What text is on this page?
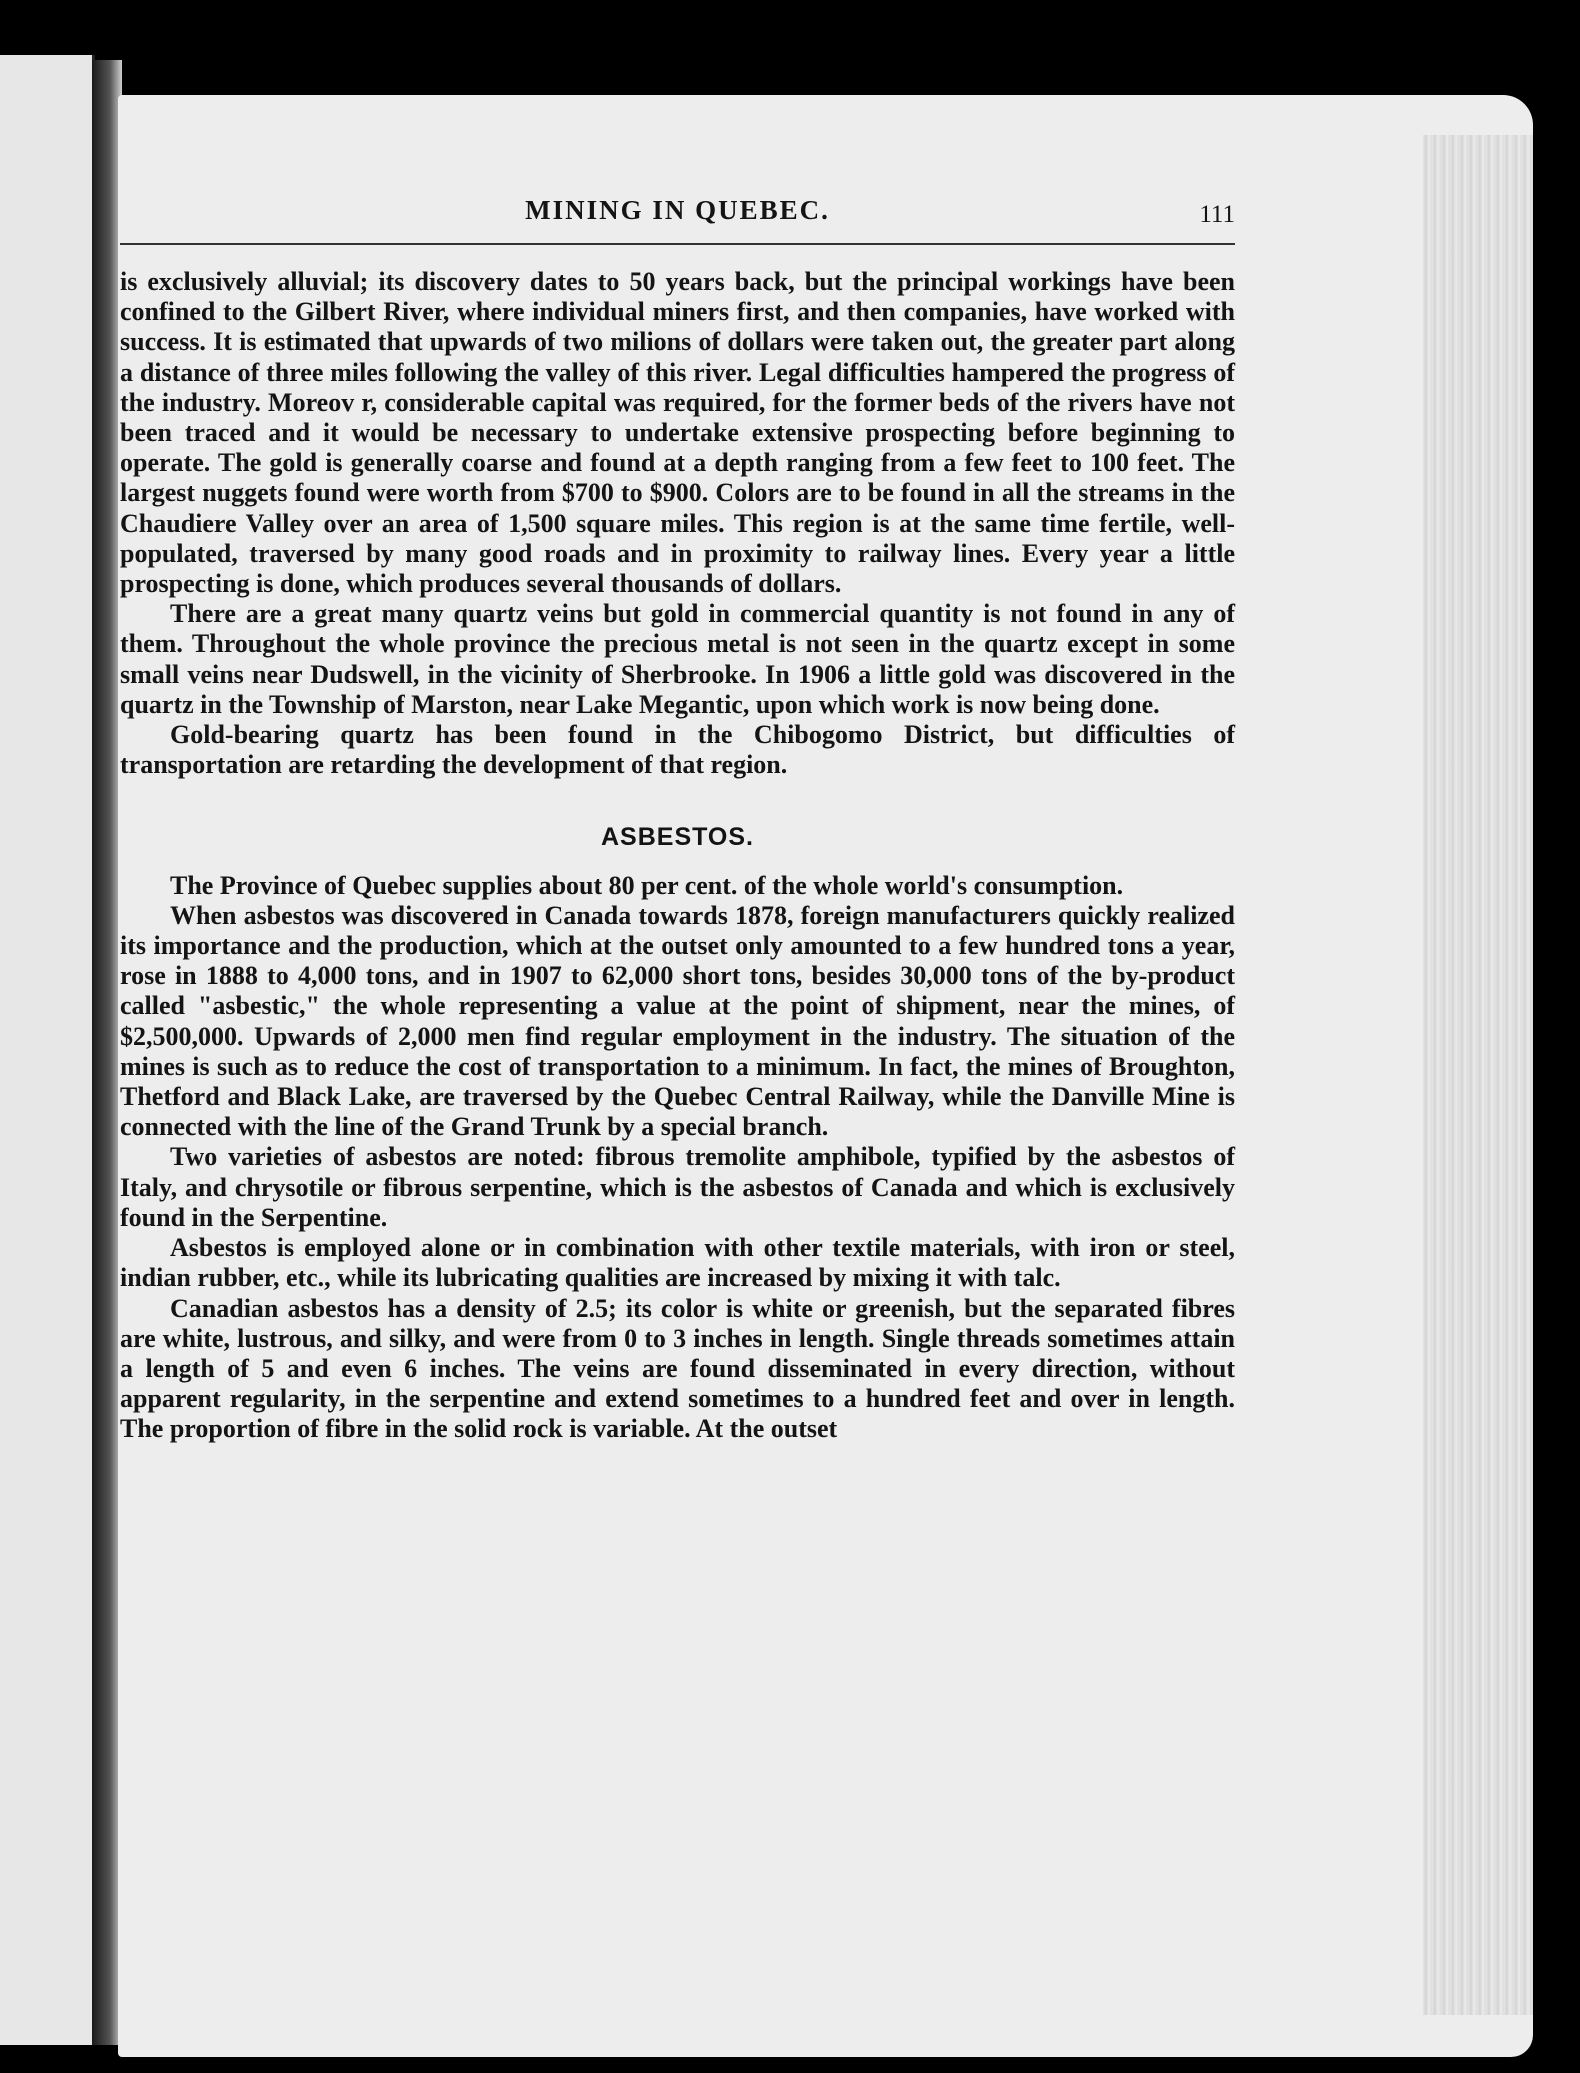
MINING IN QUEBEC.	111

is exclusively alluvial; its discovery dates to 50 years back, but the principal workings have been confined to the Gilbert River, where individual miners first, and then companies, have worked with success. It is estimated that upwards of two milions of dollars were taken out, the greater part along a distance of three miles following the valley of this river. Legal difficulties hampered the progress of the industry. Moreov r, considerable capital was required, for the former beds of the rivers have not been traced and it would be necessary to undertake extensive prospecting before beginning to operate. The gold is generally coarse and found at a depth ranging from a few feet to 100 feet. The largest nuggets found were worth from $700 to $900. Colors are to be found in all the streams in the Chaudiere Valley over an area of 1,500 square miles. This region is at the same time fertile, well-populated, traversed by many good roads and in proximity to railway lines. Every year a little prospecting is done, which produces several thousands of dollars.

There are a great many quartz veins but gold in commercial quantity is not found in any of them. Throughout the whole province the precious metal is not seen in the quartz except in some small veins near Dudswell, in the vicinity of Sherbrooke. In 1906 a little gold was discovered in the quartz in the Township of Marston, near Lake Megantic, upon which work is now being done.

Gold-bearing quartz has been found in the Chibogomo District, but difficulties of transportation are retarding the development of that region.

ASBESTOS.

The Province of Quebec supplies about 80 per cent. of the whole world's consumption.

When asbestos was discovered in Canada towards 1878, foreign manufacturers quickly realized its importance and the production, which at the outset only amounted to a few hundred tons a year, rose in 1888 to 4,000 tons, and in 1907 to 62,000 short tons, besides 30,000 tons of the by-product called "asbestic," the whole representing a value at the point of shipment, near the mines, of $2,500,000. Upwards of 2,000 men find regular employment in the industry. The situation of the mines is such as to reduce the cost of transportation to a minimum. In fact, the mines of Broughton, Thetford and Black Lake, are traversed by the Quebec Central Railway, while the Danville Mine is connected with the line of the Grand Trunk by a special branch.

Two varieties of asbestos are noted: fibrous tremolite amphibole, typified by the asbestos of Italy, and chrysotile or fibrous serpentine, which is the asbestos of Canada and which is exclusively found in the Serpentine.

Asbestos is employed alone or in combination with other textile materials, with iron or steel, indian rubber, etc., while its lubricating qualities are increased by mixing it with talc.

Canadian asbestos has a density of 2.5; its color is white or greenish, but the separated fibres are white, lustrous, and silky, and were from 0 to 3 inches in length. Single threads sometimes attain a length of 5 and even 6 inches. The veins are found disseminated in every direction, without apparent regularity, in the serpentine and extend sometimes to a hundred feet and over in length. The proportion of fibre in the solid rock is variable. At the outset
